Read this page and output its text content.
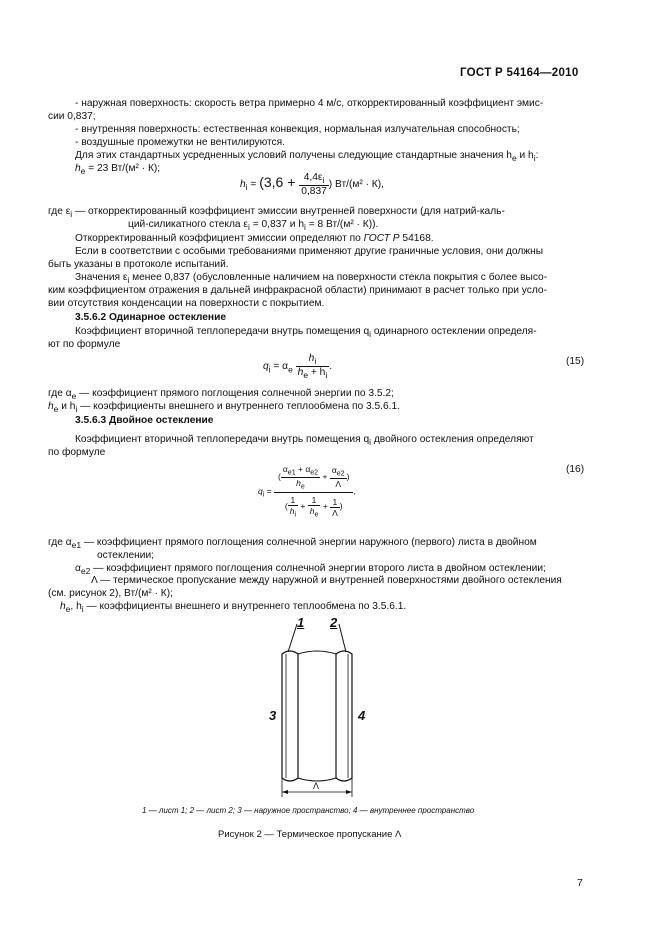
ГОСТ Р 54164—2010
- наружная поверхность: скорость ветра примерно 4 м/с, откорректированный коэффициент эмис-
сии 0,837;
- внутренняя поверхность: естественная конвекция, нормальная излучательная способность;
- воздушные промежутки не вентилируются.
Для этих стандартных усредненных условий получены следующие стандартные значения $h_e$ и $h_i$:
$h_e = 23$ Вт/(м² · К);
$h_i = (3,6 + \frac{4,4\varepsilon_i}{0,837}$ ) Вт/(м² · К),
где $\varepsilon_i$ — откорректированный коэффициент эмиссии внутренней поверхности (для натрий-каль-
ций-силикатного стекла $\varepsilon_i = 0,837$ и $h_i = 8$ Вт/(м² · К)).
Откорректированный коэффициент эмиссии определяют по ГОСТ Р 54168.
Если в соответствии с особыми требованиями применяют другие граничные условия, они должны
быть указаны в протоколе испытаний.
Значения $\varepsilon_i$ менее 0,837 (обусловленные наличием на поверхности стекла покрытия с более высо-
ким коэффициентом отражения в дальней инфракрасной области) принимают в расчет только при усло-
вии отсутствия конденсации на поверхности с покрытием.
3.5.6.2 Одинарное остекление
Коэффициент вторичной теплопередачи внутрь помещения $q_i$ одинарного остеклении определя-
ют по формуле
$q_i = \alpha_e \frac{h_i}{h_e + h_i}$ .	(15)
где $\alpha_e$ — коэффициент прямого поглощения солнечной энергии по 3.5.2;
$h_e$ и $h_i$ — коэффициенты внешнего и внутреннего теплообмена по 3.5.6.1.
3.5.6.3 Двойное остекление
Коэффициент вторичной теплопередачи внутрь помещения $q_i$ двойного остекления определяют
по формуле
$q_i = \frac{( \frac{\alpha_{e1} + \alpha_{e2}}{h_e} + \frac{\alpha_{e2}}{\Lambda} )}{( \frac{1}{h_i} + \frac{1}{h_e} + \frac{1}{\Lambda} )}$ ,
(16)
где $\alpha_{e1}$ — коэффициент прямого поглощения солнечной энергии наружного (первого) листа в двойном
остеклении;
$\alpha_{e2}$ — коэффициент прямого поглощения солнечной энергии второго листа в двойном остеклении;
Λ — термическое пропускание между наружной и внутренней поверхностями двойного остекления
(см. рисунок 2), Вт/(м² · К);
$h_e$, $h_i$ — коэффициенты внешнего и внутреннего теплообмена по 3.5.6.1.
1 2
3	4
Λ
1 — лист 1; 2 — лист 2; 3 — наружное пространство; 4 — внутреннее пространство
Рисунок 2 — Термическое пропускание Λ
7
